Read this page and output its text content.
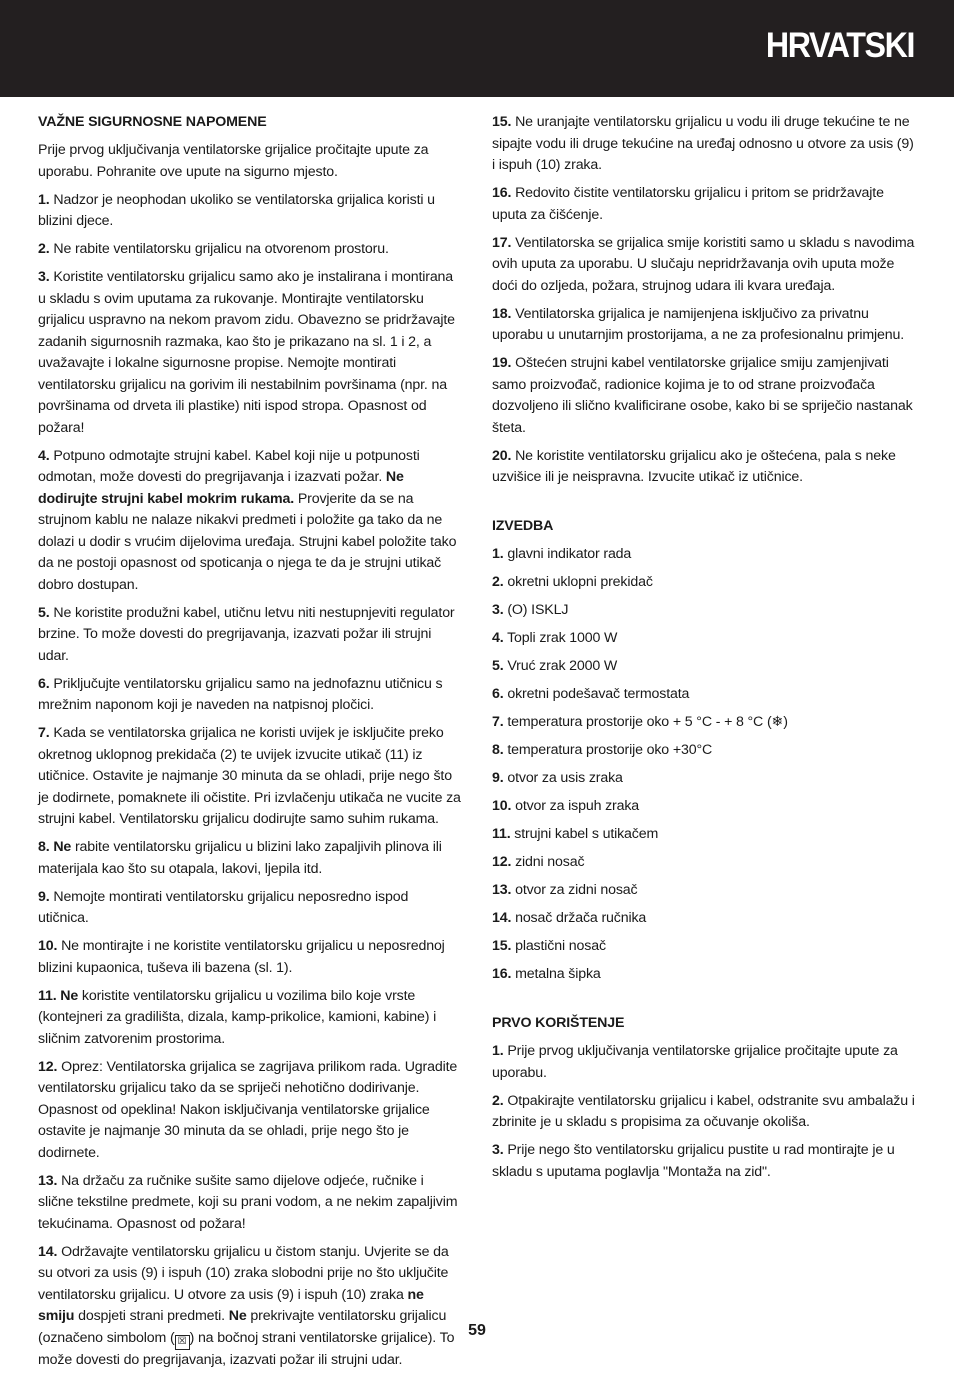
HRVATSKI
VAŽNE SIGURNOSNE NAPOMENE

Prije prvog uključivanja ventilatorske grijalice pročitajte upute za uporabu. Pohranite ove upute na sigurno mjesto.

1. Nadzor je neophodan ukoliko se ventilatorska grijalica koristi u blizini djece.

2. Ne rabite ventilatorsku grijalicu na otvorenom prostoru.

3. Koristite ventilatorsku grijalicu samo ako je instalirana i montirana u skladu s ovim uputama za rukovanje. Montirajte ventilatorsku grijalicu uspravno na nekom pravom zidu. Obavezno se pridržavajte zadanih sigurnosnih razmaka, kao što je prikazano na sl. 1 i 2, a uvažavajte i lokalne sigurnosne propise. Nemojte montirati ventilatorsku grijalicu na gorivim ili nestabilnim površinama (npr. na površinama od drveta ili plastike) niti ispod stropa. Opasnost od požara!

4. Potpuno odmotajte strujni kabel. Kabel koji nije u potpunosti odmotan, može dovesti do pregrijavanja i izazvati požar. Ne dodirujte strujni kabel mokrim rukama. Provjerite da se na strujnom kablu ne nalaze nikakvi predmeti i položite ga tako da ne dolazi u dodir s vrućim dijelovima uređaja. Strujni kabel položite tako da ne postoji opasnost od spoticanja o njega te da je strujni utikač dobro dostupan.

5. Ne koristite produžni kabel, utičnu letvu niti nestupnjeviti regulator brzine. To može dovesti do pregrijavanja, izazvati požar ili strujni udar.

6. Priključujte ventilatorsku grijalicu samo na jednofaznu utičnicu s mrežnim naponom koji je naveden na natpisnoj pločici.

7. Kada se ventilatorska grijalica ne koristi uvijek je isključite preko okretnog uklopnog prekidača (2) te uvijek izvucite utikač (11) iz utičnice. Ostavite je najmanje 30 minuta da se ohladi, prije nego što je dodirnete, pomaknete ili očistite. Pri izvlačenju utikača ne vucite za strujni kabel. Ventilatorsku grijalicu dodirujte samo suhim rukama.

8. Ne rabite ventilatorsku grijalicu u blizini lako zapaljivih plinova ili materijala kao što su otapala, lakovi, ljepila itd.

9. Nemojte montirati ventilatorsku grijalicu neposredno ispod utičnica.

10. Ne montirajte i ne koristite ventilatorsku grijalicu u neposrednoj blizini kupaonica, tuševa ili bazena (sl. 1).

11. Ne koristite ventilatorsku grijalicu u vozilima bilo koje vrste (kontejneri za gradilišta, dizala, kamp-prikolice, kamioni, kabine) i sličnim zatvorenim prostorima.

12. Oprez: Ventilatorska grijalica se zagrijava prilikom rada. Ugradite ventilatorsku grijalicu tako da se spriječi nehotično dodirivanje. Opasnost od opeklina! Nakon isključivanja ventilatorske grijalice ostavite je najmanje 30 minuta da se ohladi, prije nego što je dodirnete.

13. Na držaču za ručnike sušite samo dijelove odjeće, ručnike i slične tekstilne predmete, koji su prani vodom, a ne nekim zapaljivim tekućinama. Opasnost od požara!

14. Održavajte ventilatorsku grijalicu u čistom stanju. Uvjerite se da su otvori za usis (9) i ispuh (10) zraka slobodni prije no što uključite ventilatorsku grijalicu. U otvore za usis (9) i ispuh (10) zraka ne smiju dospjeti strani predmeti. Ne prekrivajte ventilatorsku grijalicu (označeno simbolom ( ☒ ) na bočnoj strani ventilatorske grijalice). To može dovesti do pregrijavanja, izazvati požar ili strujni udar.

15. Ne uranjajte ventilatorsku grijalicu u vodu ili druge tekućine te ne sipajte vodu ili druge tekućine na uređaj odnosno u otvore za usis (9) i ispuh (10) zraka.

16. Redovito čistite ventilatorsku grijalicu i pritom se pridržavajte uputa za čišćenje.

17. Ventilatorska se grijalica smije koristiti samo u skladu s navodima ovih uputa za uporabu. U slučaju nepridržavanja ovih uputa može doći do ozljeda, požara, strujnog udara ili kvara uređaja.

18. Ventilatorska grijalica je namijenjena isključivo za privatnu uporabu u unutarnjim prostorijama, a ne za profesionalnu primjenu.

19. Oštećen strujni kabel ventilatorske grijalice smiju zamjenjivati samo proizvođač, radionice kojima je to od strane proizvođača dozvoljeno ili slično kvalificirane osobe, kako bi se spriječio nastanak šteta.

20. Ne koristite ventilatorsku grijalicu ako je oštećena, pala s neke uzvišice ili je neispravna. Izvucite utikač iz utičnice.

IZVEDBA

1. glavni indikator rada

2. okretni uklopni prekidač

3. (O) ISKLJ

4. Topli zrak 1000 W

5. Vruć zrak 2000 W

6. okretni podešavač termostata

7. temperatura prostorije oko + 5 °C - + 8 °C (❄)

8. temperatura prostorije oko +30°C

9. otvor za usis zraka

10. otvor za ispuh zraka

11. strujni kabel s utikačem

12. zidni nosač

13. otvor za zidni nosač

14. nosač držača ručnika

15. plastični nosač

16. metalna šipka

PRVO KORIŠTENJE

1. Prije prvog uključivanja ventilatorske grijalice pročitajte upute za uporabu.

2. Otpakirajte ventilatorsku grijalicu i kabel, odstranite svu ambalažu i zbrinite je u skladu s propisima za očuvanje okoliša.

3. Prije nego što ventilatorsku grijalicu pustite u rad montirajte je u skladu s uputama poglavlja "Montaža na zid".

59
